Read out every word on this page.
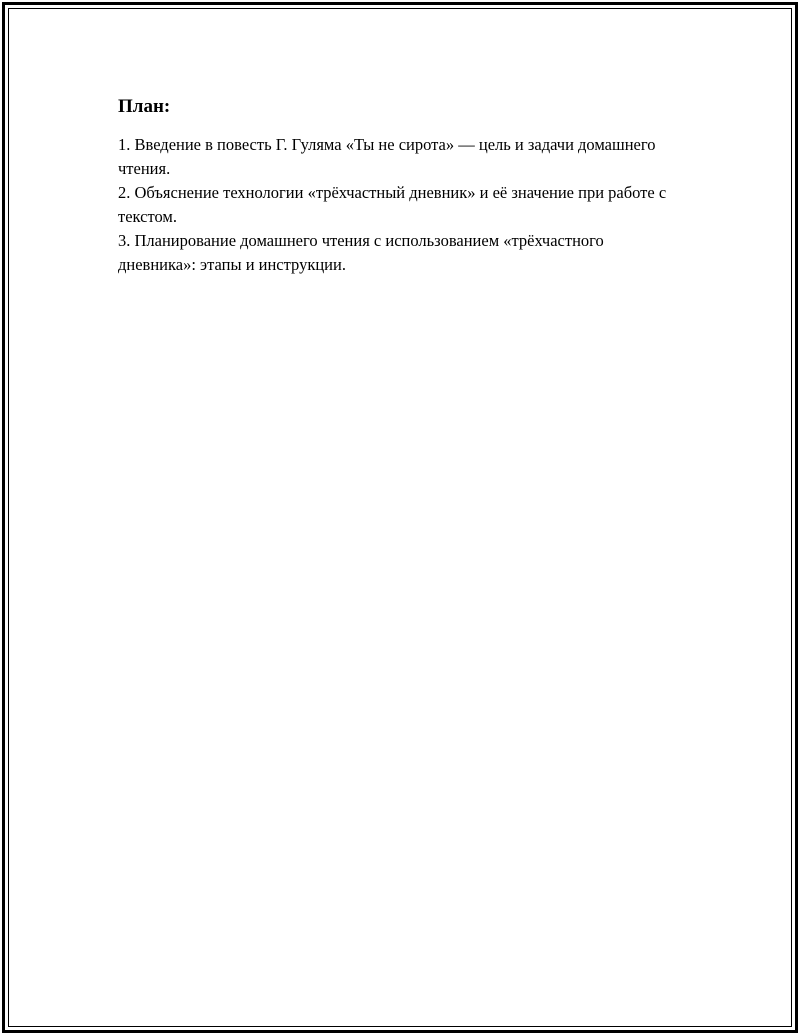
План:
1. Введение в повесть Г. Гуляма «Ты не сирота» — цель и задачи домашнего чтения.
2. Объяснение технологии «трёхчастный дневник» и её значение при работе с текстом.
3. Планирование домашнего чтения с использованием «трёхчастного дневника»: этапы и инструкции.
